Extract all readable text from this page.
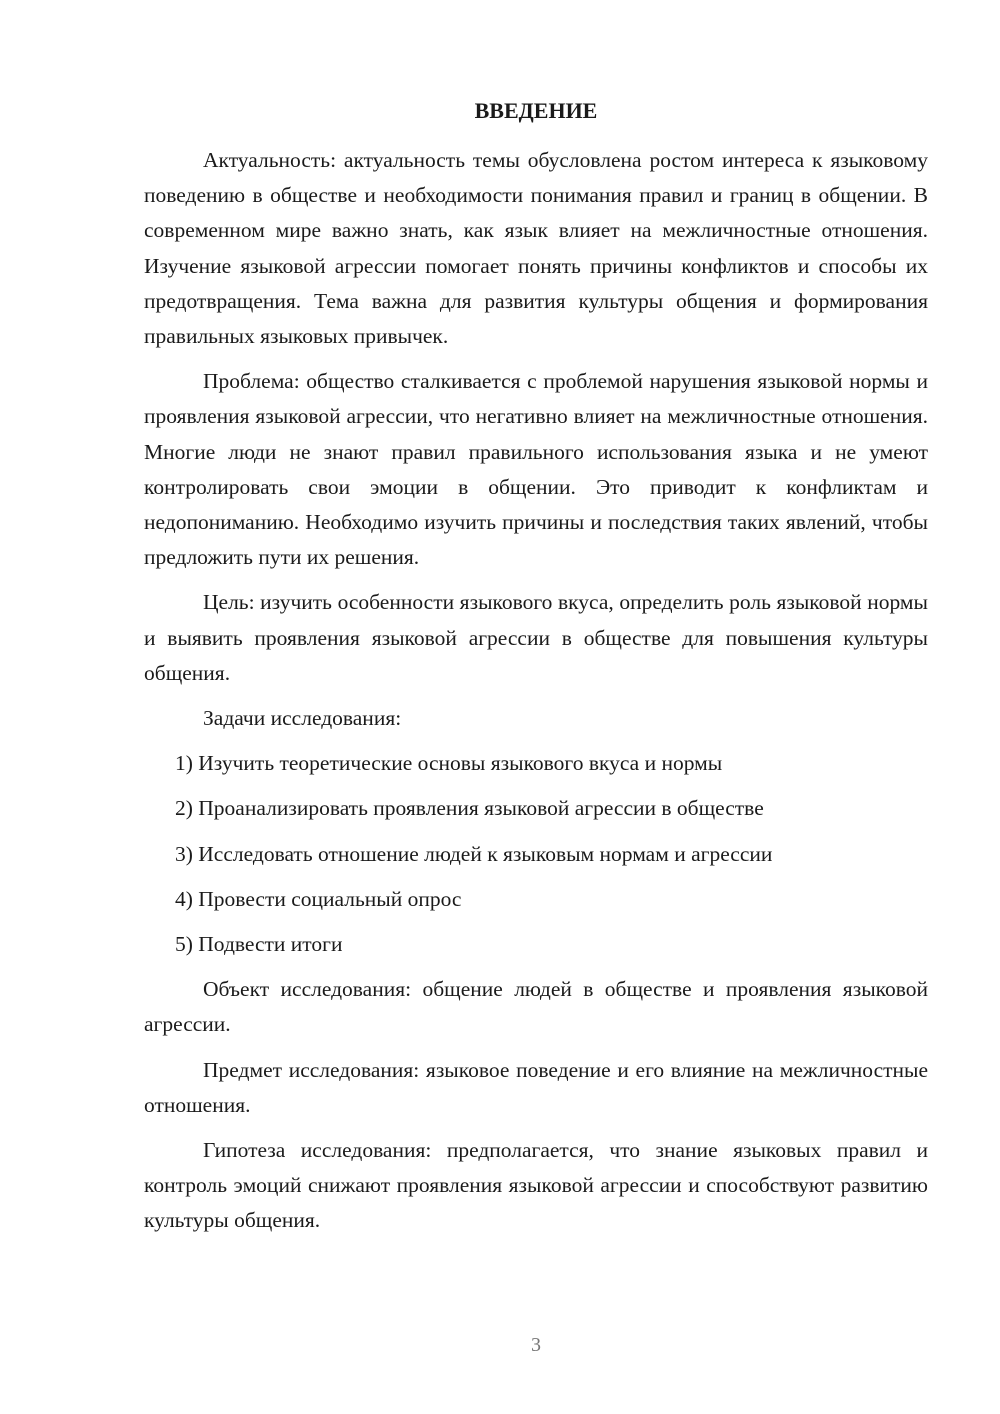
ВВЕДЕНИЕ

Актуальность: актуальность темы обусловлена ростом интереса к языковому поведению в обществе и необходимости понимания правил и границ в общении. В современном мире важно знать, как язык влияет на межличностные отношения. Изучение языковой агрессии помогает понять причины конфликтов и способы их предотвращения. Тема важна для развития культуры общения и формирования правильных языковых привычек.

Проблема: общество сталкивается с проблемой нарушения языковой нормы и проявления языковой агрессии, что негативно влияет на межличностные отношения. Многие люди не знают правил правильного использования языка и не умеют контролировать свои эмоции в общении. Это приводит к конфликтам и недопониманию. Необходимо изучить причины и последствия таких явлений, чтобы предложить пути их решения.

Цель: изучить особенности языкового вкуса, определить роль языковой нормы и выявить проявления языковой агрессии в обществе для повышения культуры общения.

Задачи исследования:

1) Изучить теоретические основы языкового вкуса и нормы

2) Проанализировать проявления языковой агрессии в обществе

3) Исследовать отношение людей к языковым нормам и агрессии

4) Провести социальный опрос

5) Подвести итоги

Объект исследования: общение людей в обществе и проявления языковой агрессии.

Предмет исследования: языковое поведение и его влияние на межличностные отношения.

Гипотеза исследования: предполагается, что знание языковых правил и контроль эмоций снижают проявления языковой агрессии и способствуют развитию культуры общения.

3
